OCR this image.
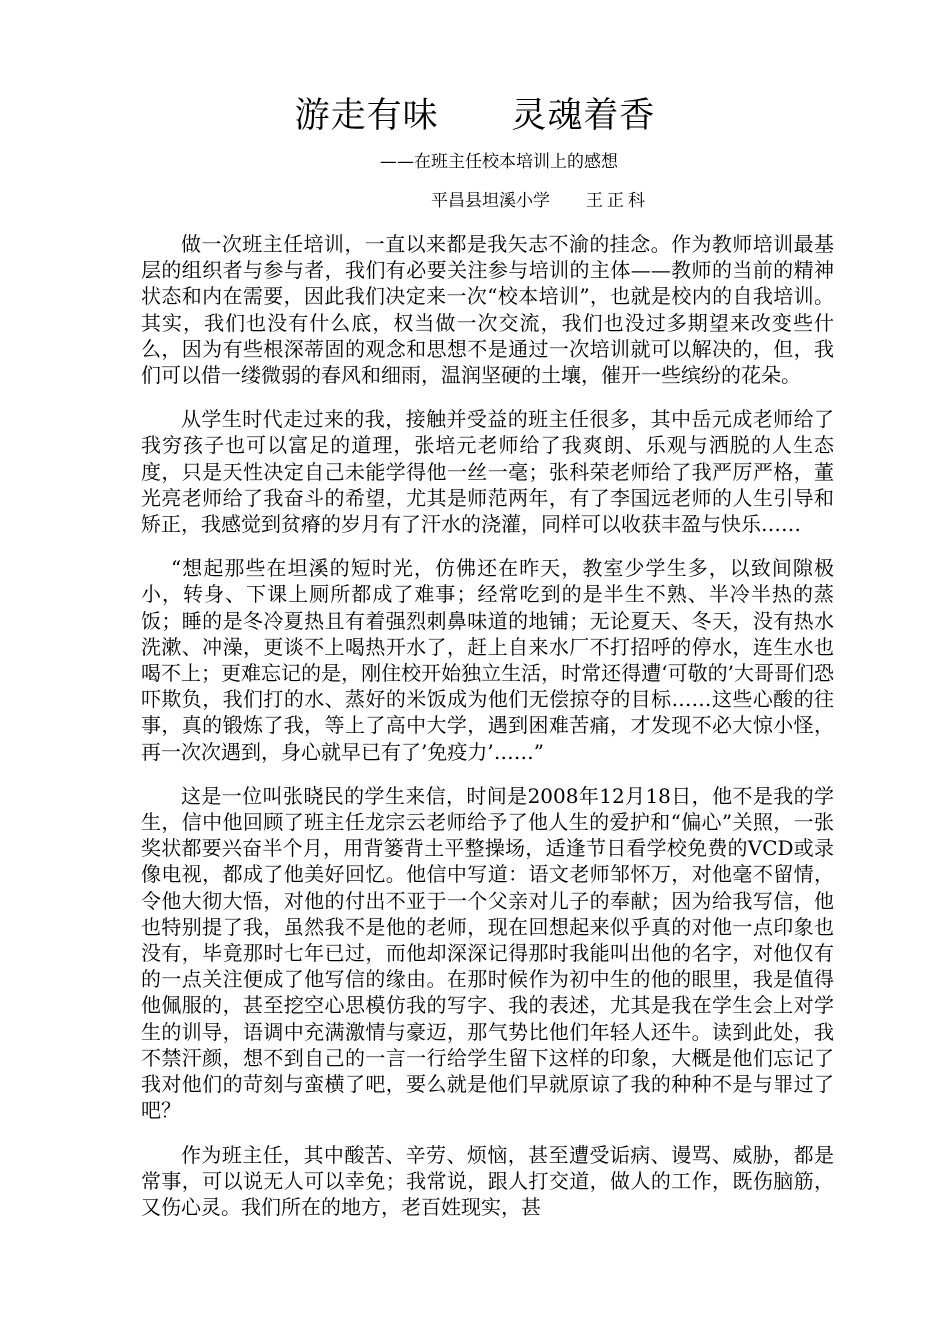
游走有味      灵魂着香
——在班主任校本培训上的感想
平昌县坦溪小学 王正科

做一次班主任培训，一直以来都是我矢志不渝的挂念。作为教师培训最基层的组织者与参与者，我们有必要关注参与培训的主体——教师的当前的精神状态和内在需要，因此我们决定来一次“校本培训”，也就是校内的自我培训。其实，我们也没有什么底，权当做一次交流，我们也没过多期望来改变些什么，因为有些根深蒂固的观念和思想不是通过一次培训就可以解决的，但，我们可以借一缕微弱的春风和细雨，温润坚硬的土壤，催开一些缤纷的花朵。

从学生时代走过来的我，接触并受益的班主任很多，其中岳元成老师给了我穷孩子也可以富足的道理，张培元老师给了我爽朗、乐观与洒脱的人生态度，只是天性决定自己未能学得他一丝一毫；张科荣老师给了我严厉严格，董光亮老师给了我奋斗的希望，尤其是师范两年，有了李国远老师的人生引导和矫正，我感觉到贫瘠的岁月有了汗水的浇灌，同样可以收获丰盈与快乐……

“想起那些在坦溪的短时光，仿佛还在昨天，教室少学生多，以致间隙极小，转身、下课上厕所都成了难事；经常吃到的是半生不熟、半冷半热的蒸饭；睡的是冬冷夏热且有着强烈刺鼻味道的地铺；无论夏天、冬天，没有热水洗漱、冲澡，更谈不上喝热开水了，赶上自来水厂不打招呼的停水，连生水也喝不上；更难忘记的是，刚住校开始独立生活，时常还得遭‘可敬的’大哥哥们恐吓欺负，我们打的水、蒸好的米饭成为他们无偿掠夺的目标……这些心酸的往事，真的锻炼了我，等上了高中大学，遇到困难苦痛，才发现不必大惊小怪，再一次次遇到，身心就早已有了’免疫力’……”

这是一位叫张晓民的学生来信，时间是2008年12月18日，他不是我的学生，信中他回顾了班主任龙宗云老师给予了他人生的爱护和“偏心”关照，一张奖状都要兴奋半个月，用背篓背土平整操场，适逢节日看学校免费的VCD或录像电视，都成了他美好回忆。他信中写道：语文老师邹怀万，对他毫不留情，令他大彻大悟，对他的付出不亚于一个父亲对儿子的奉献；因为给我写信，他也特别提了我，虽然我不是他的老师，现在回想起来似乎真的对他一点印象也没有，毕竟那时七年已过，而他却深深记得那时我能叫出他的名字，对他仅有的一点关注便成了他写信的缘由。在那时候作为初中生的他的眼里，我是值得他佩服的，甚至挖空心思模仿我的写字、我的表述，尤其是我在学生会上对学生的训导，语调中充满激情与豪迈，那气势比他们年轻人还牛。读到此处，我不禁汗颜，想不到自己的一言一行给学生留下这样的印象，大概是他们忘记了我对他们的苛刻与蛮横了吧，要么就是他们早就原谅了我的种种不是与罪过了吧？

作为班主任，其中酸苦、辛劳、烦恼，甚至遭受诟病、谩骂、威胁，都是常事，可以说无人可以幸免；我常说，跟人打交道，做人的工作，既伤脑筋，又伤心灵。我们所在的地方，老百姓现实，甚
